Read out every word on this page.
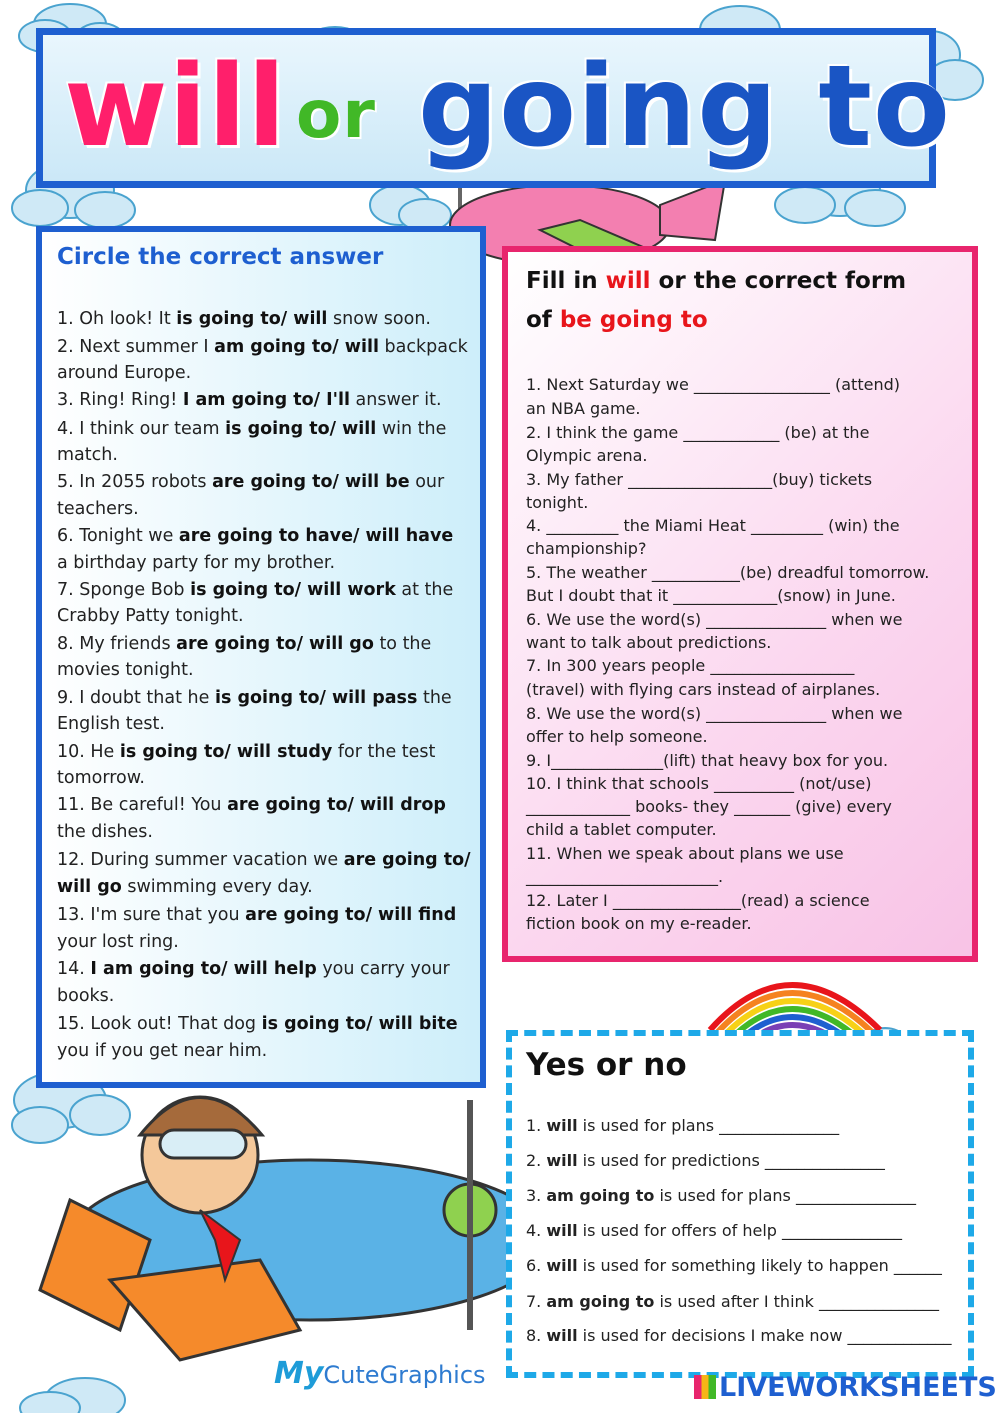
will or going to
Circle the correct answer
1. Oh look! It is going to/ will snow soon.
2. Next summer I am going to/ will backpack
around Europe.
3. Ring! Ring! I am going to/ I'll answer it.
4. I think our team is going to/ will win the
match.
5. In 2055 robots are going to/ will be our
teachers.
6. Tonight we are going to have/ will have
a birthday party for my brother.
7. Sponge Bob is going to/ will work at the
Crabby Patty tonight.
8. My friends are going to/ will go to the
movies tonight.
9. I doubt that he is going to/ will pass the
English test.
10. He is going to/ will study for the test
tomorrow.
11. Be careful! You are going to/ will drop
the dishes.
12. During summer vacation we are going to/
will go swimming every day.
13. I'm sure that you are going to/ will find
your lost ring.
14. I am going to/ will help you carry your
books.
15. Look out! That dog is going to/ will bite
you if you get near him.
Fill in will or the correct form
of be going to
1. Next Saturday we _________________ (attend)
an NBA game.
2. I think the game ____________ (be) at the
Olympic arena.
3. My father __________________(buy) tickets
tonight.
4. _________ the Miami Heat _________ (win) the
championship?
5. The weather ___________(be) dreadful tomorrow.
But I doubt that it _____________(snow) in June.
6. We use the word(s) _______________ when we
want to talk about predictions.
7. In 300 years people __________________
(travel) with flying cars instead of airplanes.
8. We use the word(s) _______________ when we
offer to help someone.
9. I______________(lift) that heavy box for you.
10. I think that schools __________ (not/use)
_____________ books- they _______ (give) every
child a tablet computer.
11. When we speak about plans we use
________________________.
12. Later I ________________(read) a science
fiction book on my e-reader.
Yes or no
1. will is used for plans _______________
2. will is used for predictions _______________
3. am going to is used for plans _______________
4. will is used for offers of help _______________
6. will is used for something likely to happen ______
7. am going to is used after I think _______________
8. will is used for decisions I make now _____________
MyCuteGraphics	LIVEWORKSHEETS
